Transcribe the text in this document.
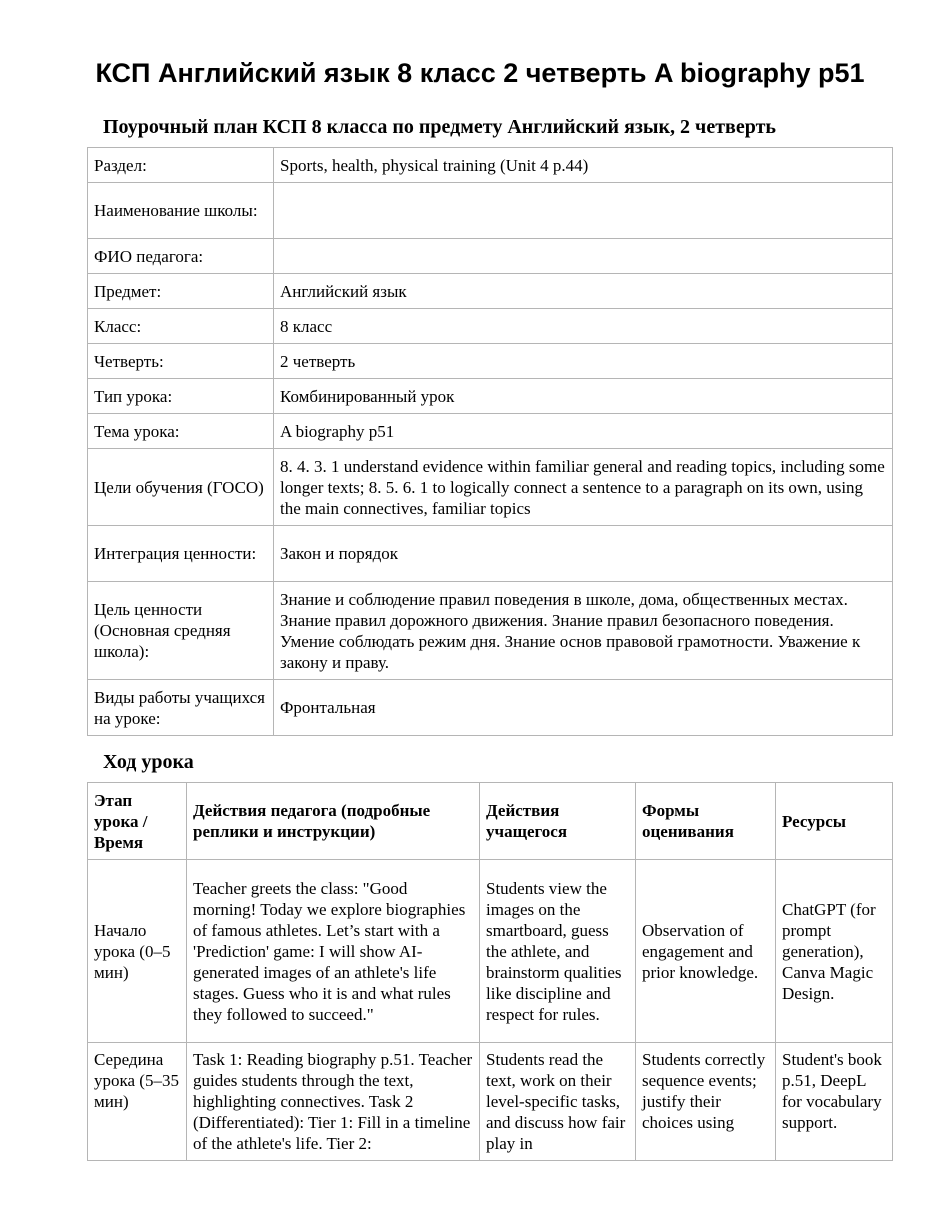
КСП Английский язык 8 класс 2 четверть A biography p51
Поурочный план КСП 8 класса по предмету Английский язык, 2 четверть
Раздел:	Sports, health, physical training (Unit 4 p.44)
Наименование школы:	
ФИО педагога:	
Предмет:	Английский язык
Класс:	8 класс
Четверть:	2 четверть
Тип урока:	Комбинированный урок
Тема урока:	A biography p51
Цели обучения (ГОСО)	8. 4. 3. 1 understand evidence within familiar general and reading topics, including some longer texts; 8. 5. 6. 1 to logically connect a sentence to a paragraph on its own, using the main connectives, familiar topics
Интеграция ценности:	Закон и порядок
Цель ценности (Основная средняя школа):	Знание и соблюдение правил поведения в школе, дома, общественных местах. Знание правил дорожного движения. Знание правил безопасного поведения. Умение соблюдать режим дня. Знание основ правовой грамотности. Уважение к закону и праву.
Виды работы учащихся на уроке:	Фронтальная
Ход урока
Этап урока / Время	Действия педагога (подробные реплики и инструкции)	Действия учащегося	Формы оценивания	Ресурсы
Начало урока (0–5 мин)	Teacher greets the class: "Good morning! Today we explore biographies of famous athletes. Let’s start with a 'Prediction' game: I will show AI-generated images of an athlete's life stages. Guess who it is and what rules they followed to succeed."	Students view the images on the smartboard, guess the athlete, and brainstorm qualities like discipline and respect for rules.	Observation of engagement and prior knowledge.	ChatGPT (for prompt generation), Canva Magic Design.
Середина урока (5–35 мин)	Task 1: Reading biography p.51. Teacher guides students through the text, highlighting connectives. Task 2 (Differentiated): Tier 1: Fill in a timeline of the athlete's life. Tier 2:	Students read the text, work on their level-specific tasks, and discuss how fair play in	Students correctly sequence events; justify their choices using	Student's book p.51, DeepL for vocabulary support.
